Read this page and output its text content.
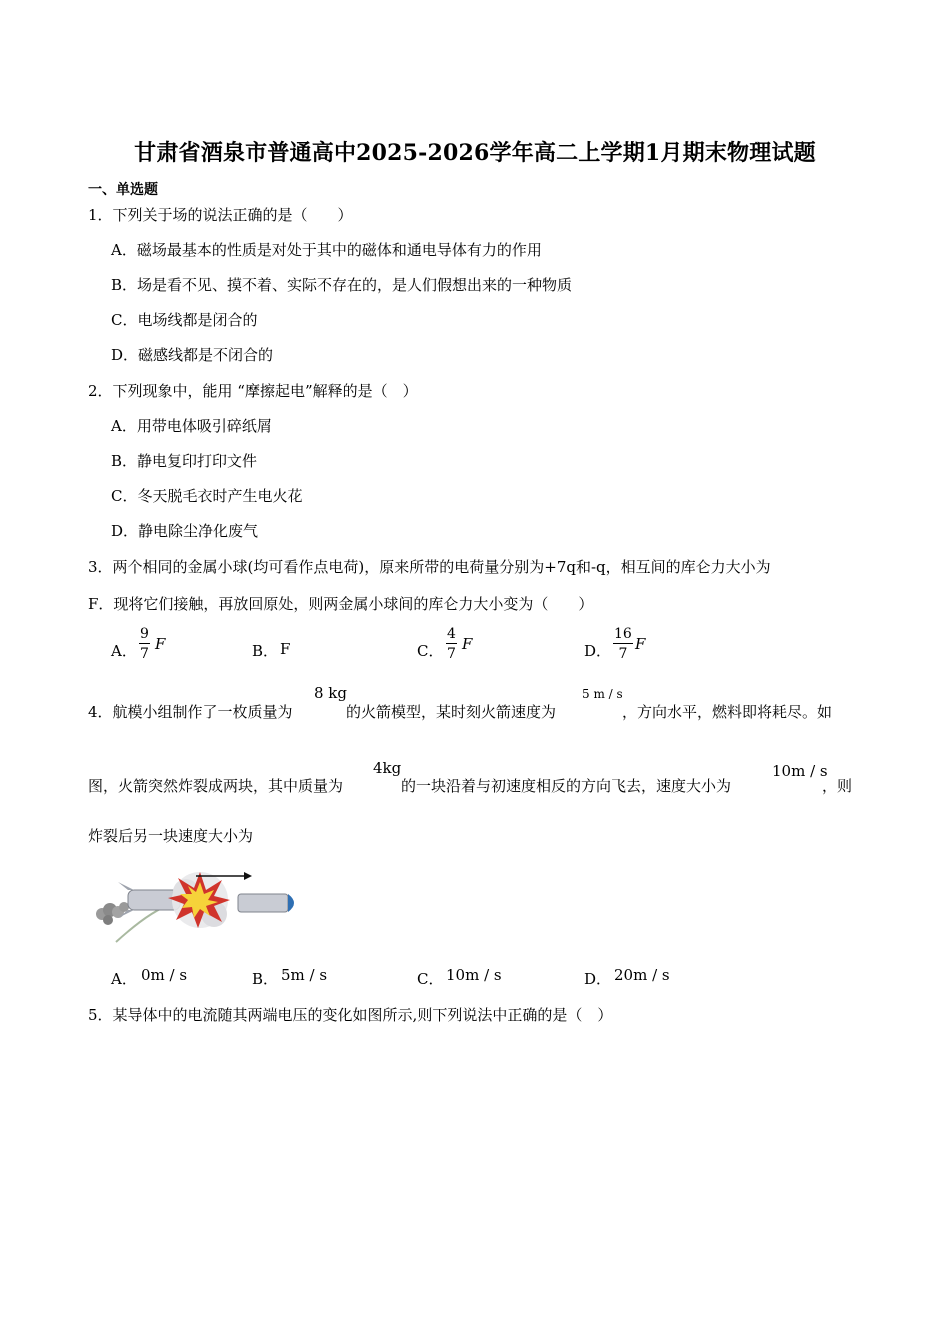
甘肃省酒泉市普通高中2025-2026学年高二上学期1月期末物理试题
一、单选题
1．下列关于场的说法正确的是（　　）
A．磁场最基本的性质是对处于其中的磁体和通电导体有力的作用
B．场是看不见、摸不着、实际不存在的，是人们假想出来的一种物质
C．电场线都是闭合的
D．磁感线都是不闭合的
2．下列现象中，能用 “摩擦起电”解释的是（　）
A．用带电体吸引碎纸屑
B．静电复印打印文件
C．冬天脱毛衣时产生电火花
D．静电除尘净化废气
3．两个相同的金属小球(均可看作点电荷)，原来所带的电荷量分别为+7q和-q，相互间的库仑力大小为
F．现将它们接触，再放回原处，则两金属小球间的库仑力大小变为（　　）
A． $\frac{9}{7}$ F	B． F	C． $\frac{4}{7}$ F	D． $\frac{16}{7}$ F
4．航模小组制作了一枚质量为
8 kg
的火箭模型，某时刻火箭速度为
5 m / s
，方向水平，燃料即将耗尽。如
图，火箭突然炸裂成两块，其中质量为
4kg
的一块沿着与初速度相反的方向飞去，速度大小为
10m / s
，则
炸裂后另一块速度大小为
A． 0m / s	B． 5m / s	C． 10m / s	D． 20m / s
5．某导体中的电流随其两端电压的变化如图所示,则下列说法中正确的是（　）
